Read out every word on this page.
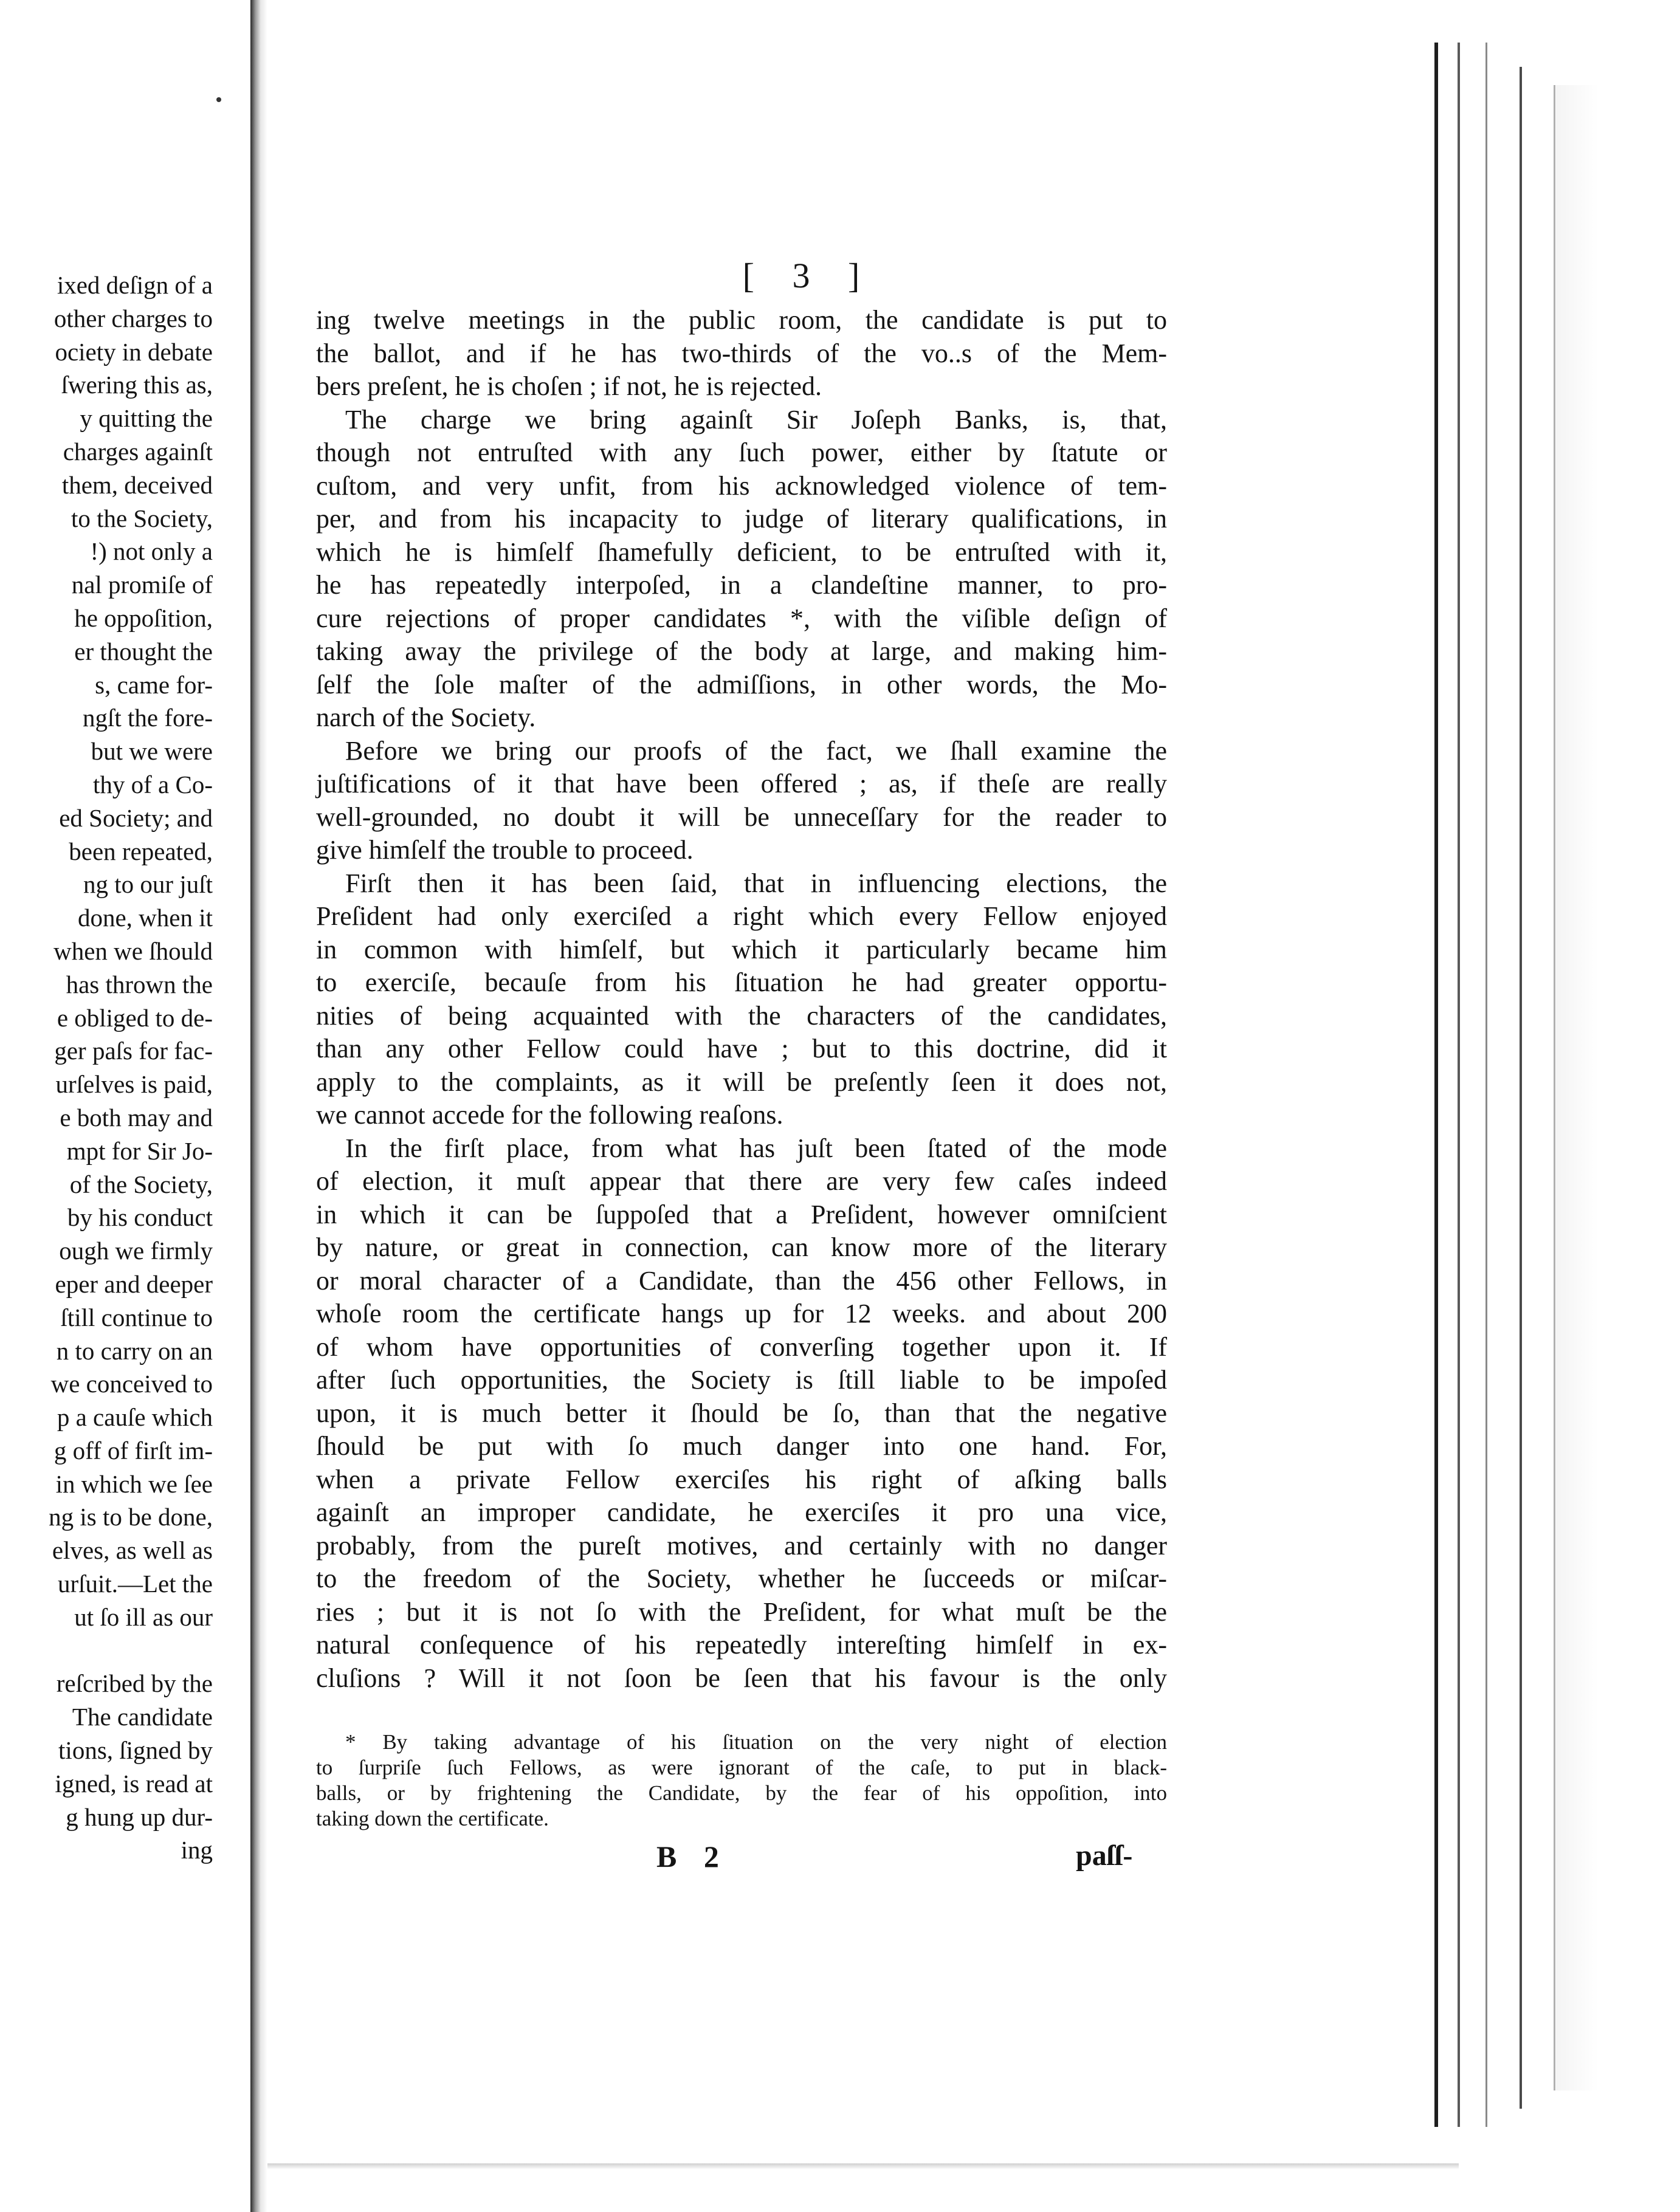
ixed deſign of a
other charges to
ociety in debate
ſwering this as,
y quitting the
charges againſt
them, deceived
to the Society,
!) not only a
nal promiſe of
he oppoſition,
er thought the
s, came for-
ngſt the fore-
but we were
thy of a Co-
ed Society; and
been repeated,
ng to our juſt
done, when it
when we ſhould
has thrown the
e obliged to de-
ger paſs for fac-
urſelves is paid,
e both may and
mpt for Sir Jo-
of the Society,
by his conduct
ough we firmly
eper and deeper
ſtill continue to
n to carry on an
we conceived to
p a cauſe which
g off of firſt im-
in which we ſee
ng is to be done,
elves, as well as
urſuit.—Let the
ut ſo ill as our

reſcribed by the
The candidate
tions, ſigned by
igned, is read at
g hung up dur-
ing
[ 3 ]
ing twelve meetings in the public room, the candidate is put to
the ballot, and if he has two-thirds of the vo..s of the Mem-
bers preſent, he is choſen ; if not, he is rejected.
The charge we bring againſt Sir Joſeph Banks, is, that,
though not entruſted with any ſuch power, either by ſtatute or
cuſtom, and very unfit, from his acknowledged violence of tem-
per, and from his incapacity to judge of literary qualifications, in
which he is himſelf ſhamefully deficient, to be entruſted with it,
he has repeatedly interpoſed, in a clandeſtine manner, to pro-
cure rejections of proper candidates *, with the viſible deſign of
taking away the privilege of the body at large, and making him-
ſelf the ſole maſter of the admiſſions, in other words, the Mo-
narch of the Society.
Before we bring our proofs of the fact, we ſhall examine the
juſtifications of it that have been offered ; as, if theſe are really
well-grounded, no doubt it will be unneceſſary for the reader to
give himſelf the trouble to proceed.
Firſt then it has been ſaid, that in influencing elections, the
Preſident had only exerciſed a right which every Fellow enjoyed
in common with himſelf, but which it particularly became him
to exerciſe, becauſe from his ſituation he had greater opportu-
nities of being acquainted with the characters of the candidates,
than any other Fellow could have ; but to this doctrine, did it
apply to the complaints, as it will be preſently ſeen it does not,
we cannot accede for the following reaſons.
In the firſt place, from what has juſt been ſtated of the mode
of election, it muſt appear that there are very few caſes indeed
in which it can be ſuppoſed that a Preſident, however omniſcient
by nature, or great in connection, can know more of the literary
or moral character of a Candidate, than the 456 other Fellows, in
whoſe room the certificate hangs up for 12 weeks. and about 200
of whom have opportunities of converſing together upon it. If
after ſuch opportunities, the Society is ſtill liable to be impoſed
upon, it is much better it ſhould be ſo, than that the negative
ſhould be put with ſo much danger into one hand. For,
when a private Fellow exerciſes his right of aſking balls
againſt an improper candidate, he exerciſes it pro una vice,
probably, from the pureſt motives, and certainly with no danger
to the freedom of the Society, whether he ſucceeds or miſcar-
ries ; but it is not ſo with the Preſident, for what muſt be the
natural conſequence of his repeatedly intereſting himſelf in ex-
cluſions ? Will it not ſoon be ſeen that his favour is the only
* By taking advantage of his ſituation on the very night of election
to ſurpriſe ſuch Fellows, as were ignorant of the caſe, to put in black-
balls, or by frightening the Candidate, by the fear of his oppoſition, into
taking down the certificate.
B 2	paſſ-
